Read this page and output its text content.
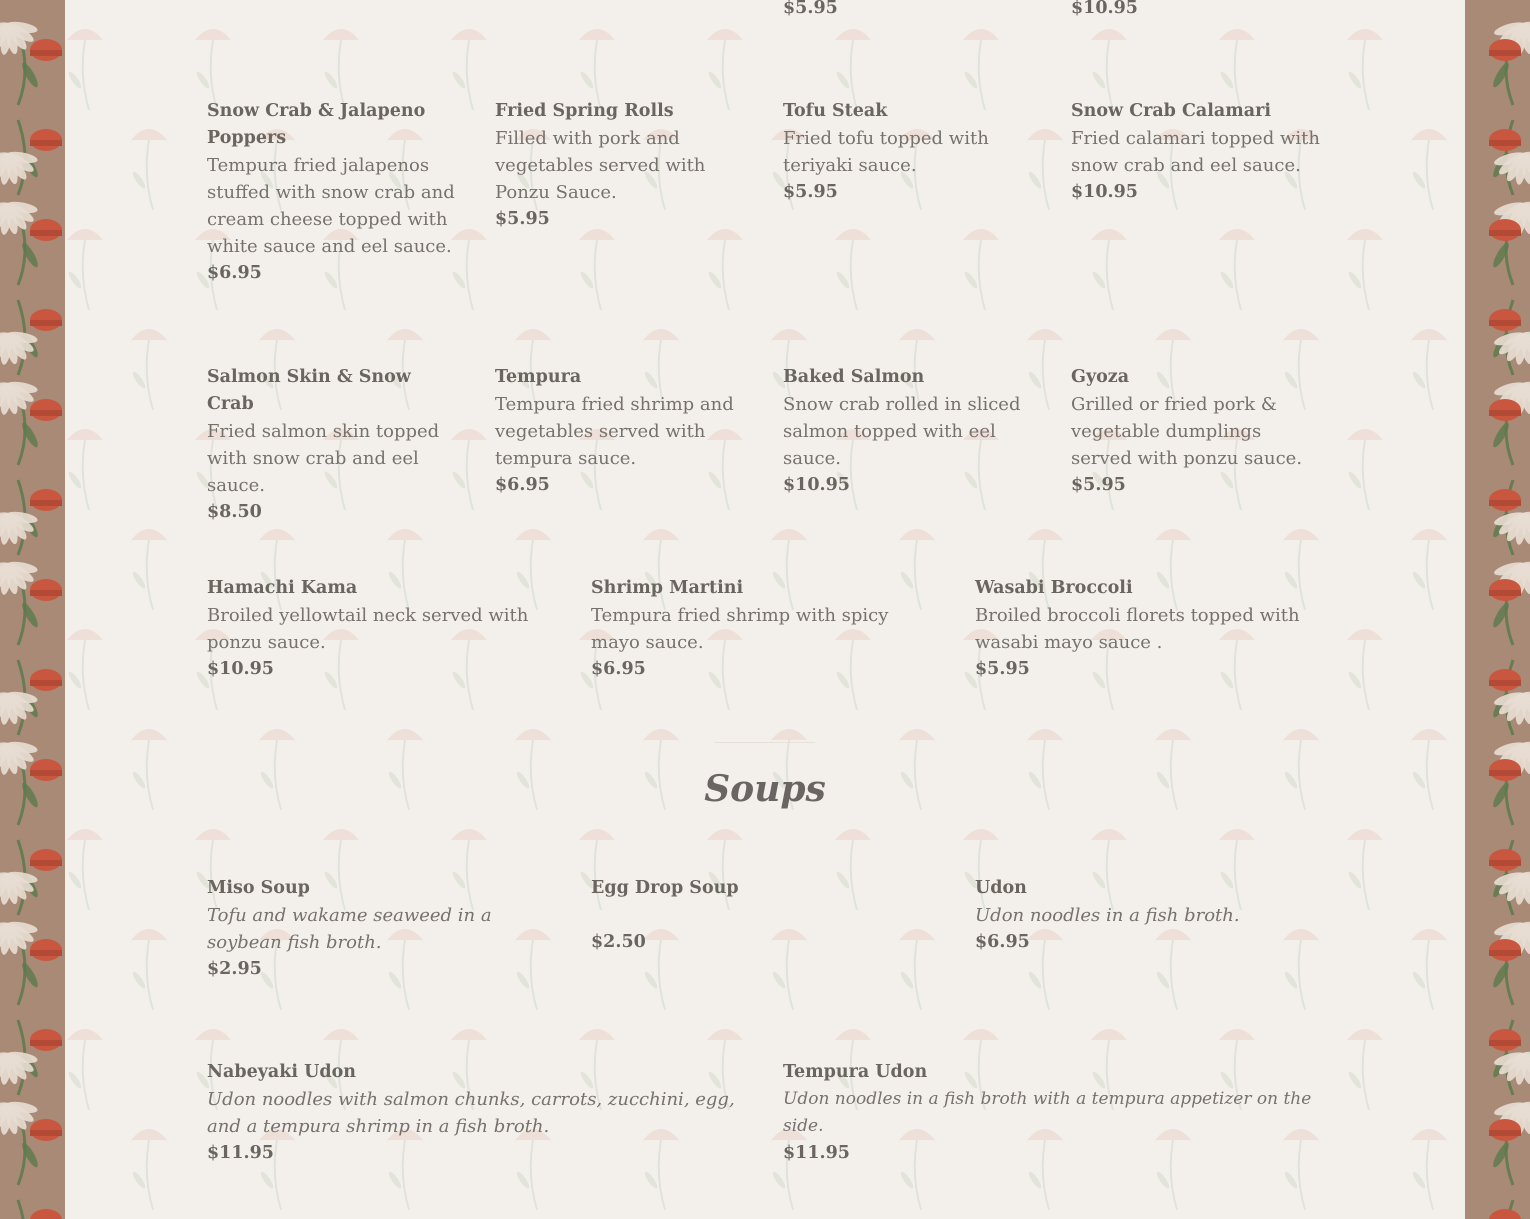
$5.95	$10.95
Snow Crab & Jalapeno Poppers
Tempura fried jalapenos stuffed with snow crab and cream cheese topped with white sauce and eel sauce.
$6.95
Fried Spring Rolls
Filled with pork and vegetables served with Ponzu Sauce.
$5.95
Tofu Steak
Fried tofu topped with teriyaki sauce.
$5.95
Snow Crab Calamari
Fried calamari topped with snow crab and eel sauce.
$10.95
Salmon Skin & Snow Crab
Fried salmon skin topped with snow crab and eel sauce.
$8.50
Tempura
Tempura fried shrimp and vegetables served with tempura sauce.
$6.95
Baked Salmon
Snow crab rolled in sliced salmon topped with eel sauce.
$10.95
Gyoza
Grilled or fried pork & vegetable dumplings served with ponzu sauce.
$5.95
Hamachi Kama
Broiled yellowtail neck served with ponzu sauce.
$10.95
Shrimp Martini
Tempura fried shrimp with spicy mayo sauce.
$6.95
Wasabi Broccoli
Broiled broccoli florets topped with wasabi mayo sauce .
$5.95
Soups
Miso Soup
Tofu and wakame seaweed in a soybean fish broth.
$2.95
Egg Drop Soup
$2.50
Udon
Udon noodles in a fish broth.
$6.95
Nabeyaki Udon
Udon noodles with salmon chunks, carrots, zucchini, egg, and a tempura shrimp in a fish broth.
$11.95
Tempura Udon
Udon noodles in a fish broth with a tempura appetizer on the side.
$11.95
